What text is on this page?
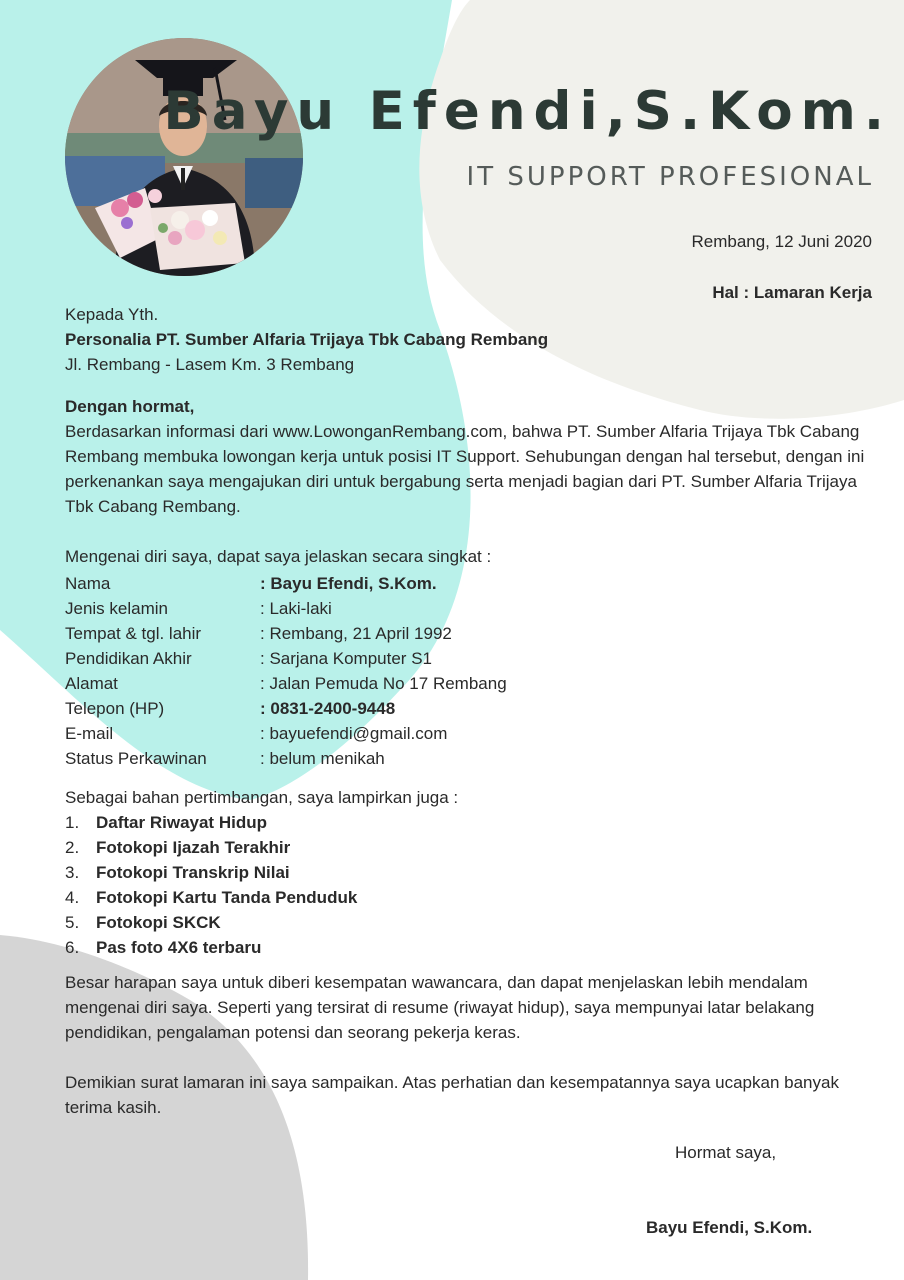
Bayu Efendi,S.Kom.
IT SUPPORT PROFESIONAL
Rembang, 12 Juni 2020
Hal : Lamaran Kerja
Kepada Yth.
Personalia PT. Sumber Alfaria Trijaya Tbk Cabang Rembang
Jl. Rembang - Lasem Km. 3 Rembang
Dengan hormat,
Berdasarkan informasi dari www.LowonganRembang.com, bahwa PT. Sumber Alfaria Trijaya Tbk Cabang Rembang membuka lowongan kerja untuk posisi IT Support. Sehubungan dengan hal tersebut, dengan ini perkenankan saya mengajukan diri untuk bergabung serta menjadi bagian dari PT. Sumber Alfaria Trijaya Tbk Cabang Rembang.
Mengenai diri saya, dapat saya jelaskan secara singkat :
Nama	: Bayu Efendi, S.Kom.
Jenis kelamin	: Laki-laki
Tempat & tgl. lahir	: Rembang, 21 April 1992
Pendidikan Akhir	: Sarjana Komputer S1
Alamat	: Jalan Pemuda No 17 Rembang
Telepon (HP)	: 0831-2400-9448
E-mail	: bayuefendi@gmail.com
Status Perkawinan	: belum menikah
Sebagai bahan pertimbangan, saya lampirkan juga :
1. Daftar Riwayat Hidup
2. Fotokopi Ijazah Terakhir
3. Fotokopi Transkrip Nilai
4. Fotokopi Kartu Tanda Penduduk
5. Fotokopi SKCK
6. Pas foto 4X6 terbaru
Besar harapan saya untuk diberi kesempatan wawancara, dan dapat menjelaskan lebih mendalam mengenai diri saya. Seperti yang tersirat di resume (riwayat hidup), saya mempunyai latar belakang pendidikan, pengalaman potensi dan seorang pekerja keras.
Demikian surat lamaran ini saya sampaikan. Atas perhatian dan kesempatannya saya ucapkan banyak terima kasih.
Hormat saya,
Bayu Efendi, S.Kom.
